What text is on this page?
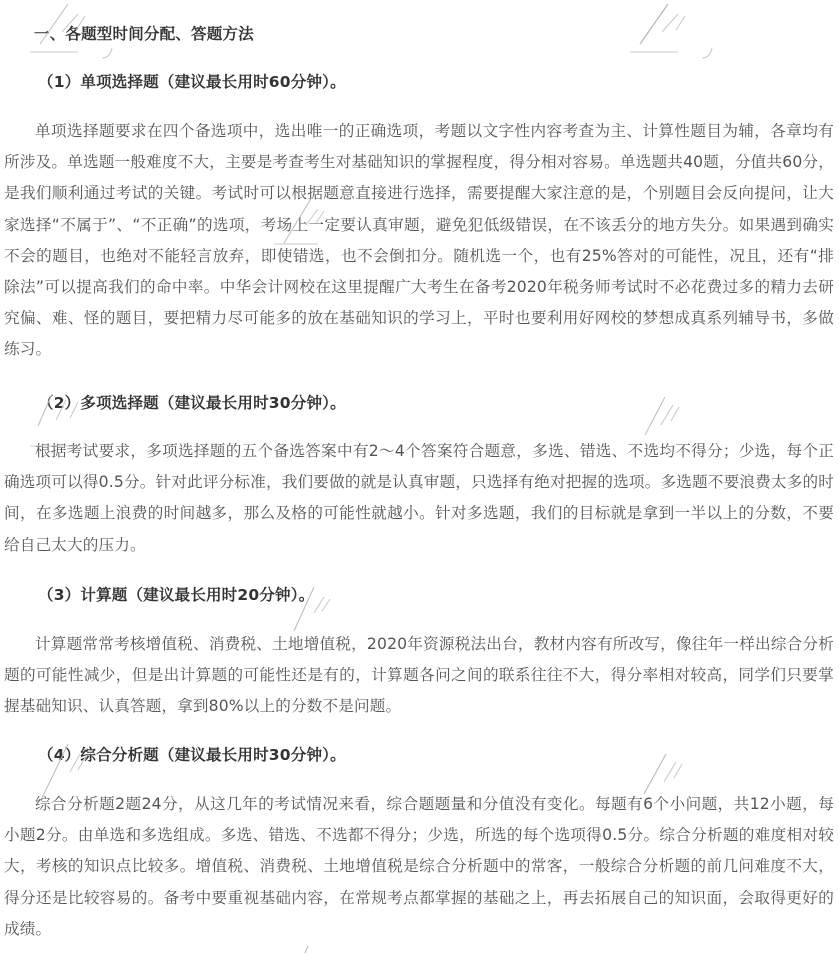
一、各题型时间分配、答题方法
（1）单项选择题（建议最长用时60分钟）。
单项选择题要求在四个备选项中，选出唯一的正确选项，考题以文字性内容考查为主、计算性题目为辅，各章均有所涉及。单选题一般难度不大，主要是考查考生对基础知识的掌握程度，得分相对容易。单选题共40题，分值共60分，是我们顺利通过考试的关键。考试时可以根据题意直接进行选择，需要提醒大家注意的是，个别题目会反向提问，让大家选择“不属于”、“不正确”的选项，考场上一定要认真审题，避免犯低级错误，在不该丢分的地方失分。如果遇到确实不会的题目，也绝对不能轻言放弃，即使错选，也不会倒扣分。随机选一个，也有25%答对的可能性，况且，还有“排除法”可以提高我们的命中率。中华会计网校在这里提醒广大考生在备考2020年税务师考试时不必花费过多的精力去研究偏、难、怪的题目，要把精力尽可能多的放在基础知识的学习上，平时也要利用好网校的梦想成真系列辅导书，多做练习。
（2）多项选择题（建议最长用时30分钟）。
根据考试要求，多项选择题的五个备选答案中有2～4个答案符合题意，多选、错选、不选均不得分；少选，每个正确选项可以得0.5分。针对此评分标准，我们要做的就是认真审题，只选择有绝对把握的选项。多选题不要浪费太多的时间，在多选题上浪费的时间越多，那么及格的可能性就越小。针对多选题，我们的目标就是拿到一半以上的分数，不要给自己太大的压力。
（3）计算题（建议最长用时20分钟）。
计算题常常考核增值税、消费税、土地增值税，2020年资源税法出台，教材内容有所改写，像往年一样出综合分析题的可能性减少，但是出计算题的可能性还是有的，计算题各问之间的联系往往不大，得分率相对较高，同学们只要掌握基础知识、认真答题，拿到80%以上的分数不是问题。
（4）综合分析题（建议最长用时30分钟）。
综合分析题2题24分，从这几年的考试情况来看，综合题题量和分值没有变化。每题有6个小问题，共12小题，每小题2分。由单选和多选组成。多选、错选、不选都不得分；少选，所选的每个选项得0.5分。综合分析题的难度相对较大，考核的知识点比较多。增值税、消费税、土地增值税是综合分析题中的常客，一般综合分析题的前几问难度不大，得分还是比较容易的。备考中要重视基础内容，在常规考点都掌握的基础之上，再去拓展自己的知识面，会取得更好的成绩。
